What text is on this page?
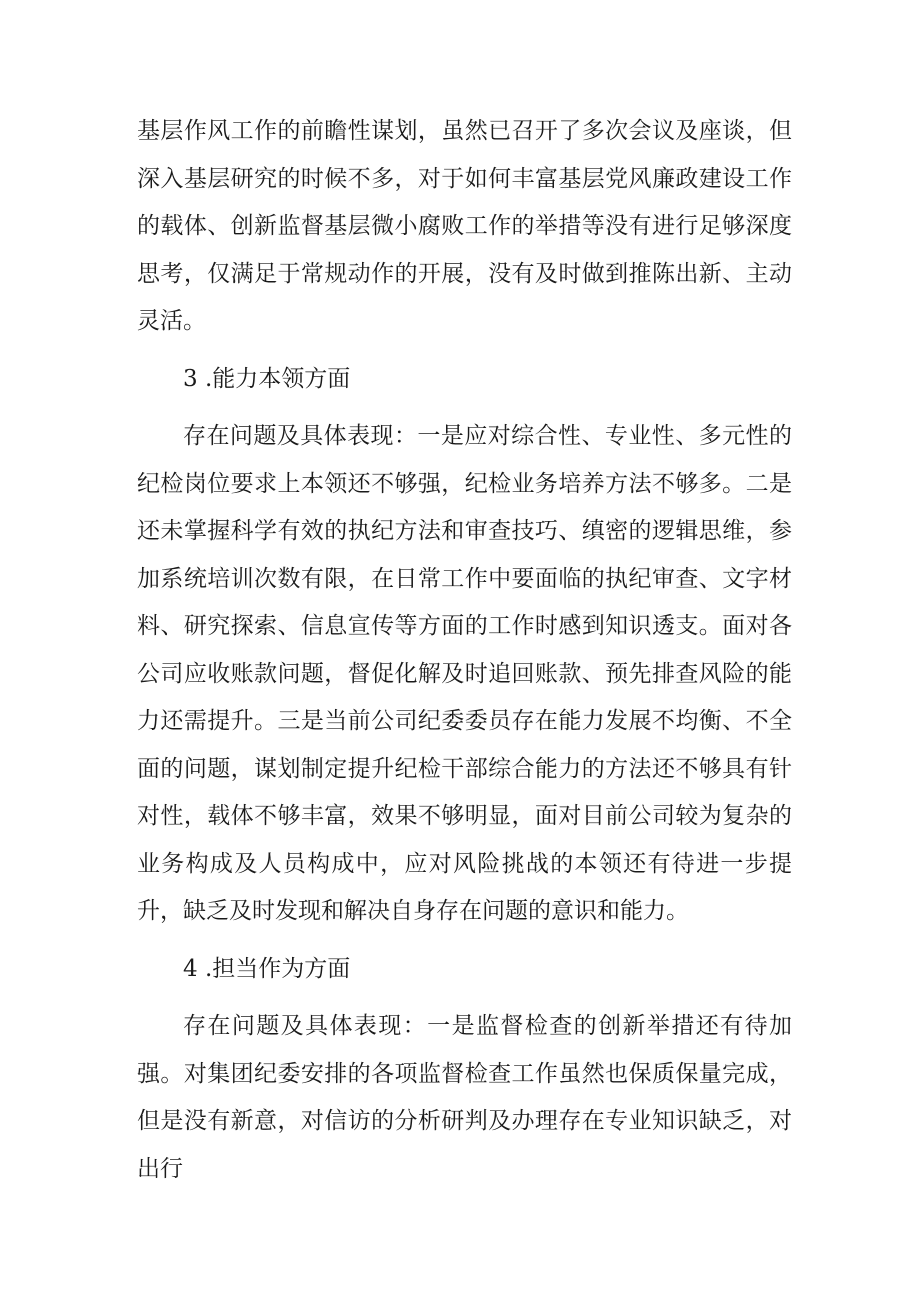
基层作风工作的前瞻性谋划，虽然已召开了多次会议及座谈，但深入基层研究的时候不多，对于如何丰富基层党风廉政建设工作的载体、创新监督基层微小腐败工作的举措等没有进行足够深度思考，仅满足于常规动作的开展，没有及时做到推陈出新、主动灵活。

3 .能力本领方面

存在问题及具体表现：一是应对综合性、专业性、多元性的纪检岗位要求上本领还不够强，纪检业务培养方法不够多。二是还未掌握科学有效的执纪方法和审查技巧、缜密的逻辑思维，参加系统培训次数有限，在日常工作中要面临的执纪审查、文字材料、研究探索、信息宣传等方面的工作时感到知识透支。面对各公司应收账款问题，督促化解及时追回账款、预先排查风险的能力还需提升。三是当前公司纪委委员存在能力发展不均衡、不全面的问题，谋划制定提升纪检干部综合能力的方法还不够具有针对性，载体不够丰富，效果不够明显，面对目前公司较为复杂的业务构成及人员构成中，应对风险挑战的本领还有待进一步提升，缺乏及时发现和解决自身存在问题的意识和能力。

4 .担当作为方面

存在问题及具体表现：一是监督检查的创新举措还有待加强。对集团纪委安排的各项监督检查工作虽然也保质保量完成，但是没有新意，对信访的分析研判及办理存在专业知识缺乏，对出行
